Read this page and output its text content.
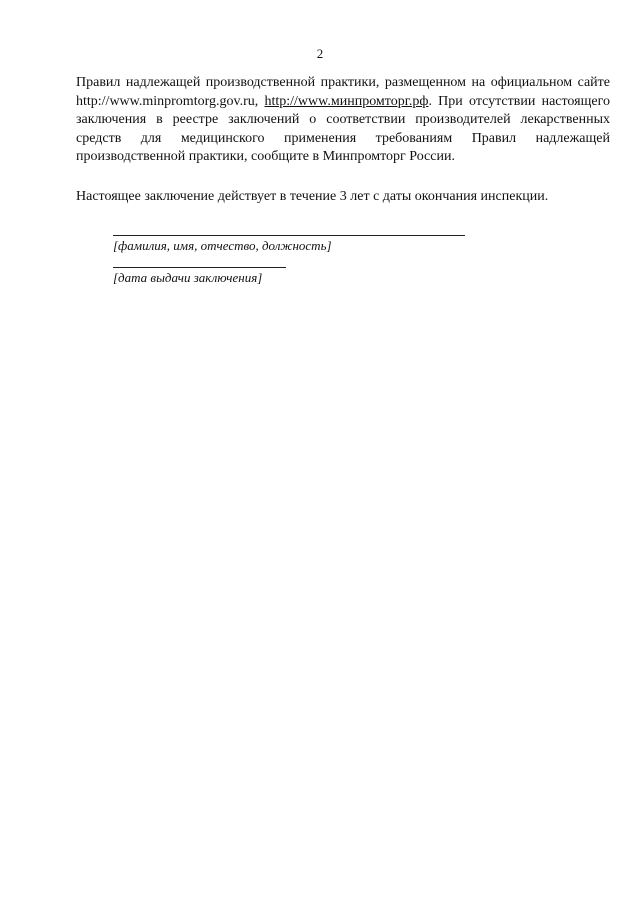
2
Правил надлежащей производственной практики, размещенном на официальном сайте http://www.minpromtorg.gov.ru, http://www.минпромторг.рф. При отсутствии настоящего заключения в реестре заключений о соответствии производителей лекарственных средств для медицинского применения требованиям Правил надлежащей производственной практики, сообщите в Минпромторг России.
Настоящее заключение действует в течение 3 лет с даты окончания инспекции.
[фамилия, имя, отчество, должность]
[дата выдачи заключения]
